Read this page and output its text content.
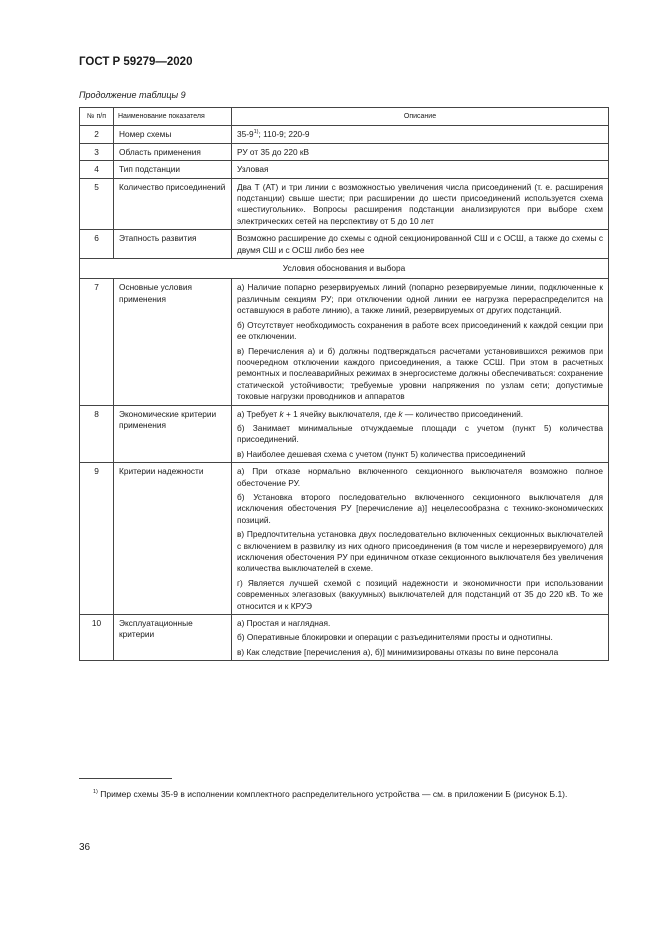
ГОСТ Р 59279—2020
Продолжение таблицы 9
№ п/п	Наименование показателя	Описание
2	Номер схемы	35-9$^{1)}$; 110-9; 220-9
3	Область применения	РУ от 35 до 220 кВ
4	Тип подстанции	Узловая
5	Количество присоединений	Два Т (АТ) и три линии с возможностью увеличения числа присоединений (т. е. расширения подстанции) свыше шести; при расширении до шести присоединений используется схема «шестиугольник». Вопросы расширения подстанции анализируются при выборе схем электрических сетей на перспективу от 5 до 10 лет

6	Этапность развития	Возможно расширение до схемы с одной секционированной СШ и с ОСШ, а также до схемы с двумя СШ и с ОСШ либо без нее

Условия обоснования и выбора		
7	Основные условия применения	а) Наличие попарно резервируемых линий (попарно резервируемые линии, подключенные к различным секциям РУ; при отключении одной линии ее нагрузка перераспределится на оставшуюся в работе линию), а также линий, резервируемых от других подстанций.

б) Отсутствует необходимость сохранения в работе всех присоединений к каждой секции при ее отключении.

в) Перечисления а) и б) должны подтверждаться расчетами установившихся режимов при поочередном отключении каждого присоединения, а также ССШ. При этом в расчетных ремонтных и послеаварийных режимах в энергосистеме должны обеспечиваться: сохранение статической устойчивости; требуемые уровни напряжения по узлам сети; допустимые токовые нагрузки проводников и аппаратов

8	Экономические критерии применения	а) Требует k + 1 ячейку выключателя, где k — количество присоединений.

б) Занимает минимальные отчуждаемые площади с учетом (пункт 5) количества присоединений.

в) Наиболее дешевая схема с учетом (пункт 5) количества присоединений

9	Критерии надежности	а) При отказе нормально включенного секционного выключателя возможно полное обесточение РУ.

б) Установка второго последовательно включенного секционного выключателя для исключения обесточения РУ [перечисление а)] нецелесообразна с технико-экономических позиций.

в) Предпочтительна установка двух последовательно включенных секционных выключателей с включением в развилку из них одного присоединения (в том числе и нерезервируемого) для исключения обесточения РУ при единичном отказе секционного выключателя без увеличения количества выключателей в схеме.

г) Является лучшей схемой с позиций надежности и экономичности при использовании современных элегазовых (вакуумных) выключателей для подстанций от 35 до 220 кВ. То же относится и к КРУЭ

10	Эксплуатационные критерии	а) Простая и наглядная.

б) Оперативные блокировки и операции с разъединителями просты и однотипны.

в) Как следствие [перечисления а), б)] минимизированы отказы по вине персонала

$^{1)}$ Пример схемы 35-9 в исполнении комплектного распределительного устройства — см. в приложении Б (рисунок Б.1).
36
